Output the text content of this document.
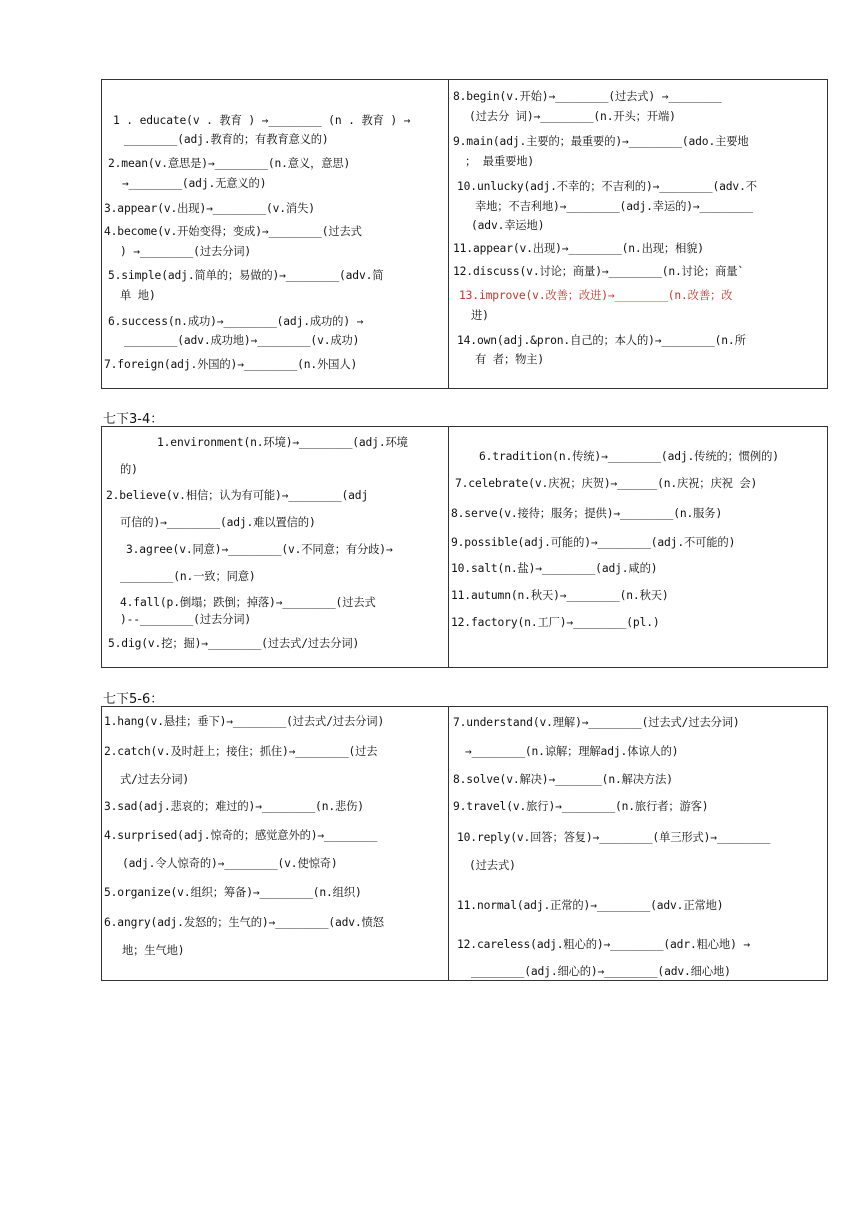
1 . educate(v . 教育 ) →________ (n . 教育 ) →
________(adj.教育的；有教育意义的)
2.mean(v.意思是)→________(n.意义，意思)
→________(adj.无意义的)
3.appear(v.出现)→________(v.消失)
4.become(v.开始变得；变成)→________(过去式
) →________(过去分词)
5.simple(adj.简单的；易做的)→________(adv.简
单 地)
6.success(n.成功)→________(adj.成功的) →
________(adv.成功地)→________(v.成功)
7.foreign(adj.外国的)→________(n.外国人)
8.begin(v.开始)→________(过去式) →________
(过去分 词)→________(n.开头；开端)
9.main(adj.主要的；最重要的)→________(ado.主要地
； 最重要地)
10.unlucky(adj.不幸的；不吉利的)→________(adv.不
幸地；不吉利地)→________(adj.幸运的)→________
(adv.幸运地)
11.appear(v.出现)→________(n.出现；相貌)
12.discuss(v.讨论；商量)→________(n.讨论；商量`
13.improve(v.改善；改进)→________(n.改善；改
进)
14.own(adj.&pron.自己的；本人的)→________(n.所
有 者；物主)
七下3-4：
1.environment(n.环境)→________(adj.环境
的)
2.believe(v.相信；认为有可能)→________(adj
可信的)→________(adj.难以置信的)
3.agree(v.同意)→________(v.不同意；有分歧)→
________(n.一致；同意)
4.fall(p.倒塌；跌倒；掉落)→________(过去式
)--________(过去分词)
5.dig(v.挖；掘)→________(过去式/过去分词)
6.tradition(n.传统)→________(adj.传统的；惯例的)
7.celebrate(v.庆祝；庆贺)→______(n.庆祝；庆祝 会)
8.serve(v.接待；服务；提供)→________(n.服务)
9.possible(adj.可能的)→________(adj.不可能的)
10.salt(n.盐)→________(adj.咸的)
11.autumn(n.秋天)→________(n.秋天)
12.factory(n.工厂)→________(pl.)
七下5-6：
1.hang(v.悬挂；垂下)→________(过去式/过去分词)
2.catch(v.及时赶上；接住；抓住)→________(过去
式/过去分词)
3.sad(adj.悲哀的；难过的)→________(n.悲伤)
4.surprised(adj.惊奇的；感觉意外的)→________
(adj.令人惊奇的)→________(v.使惊奇)
5.organize(v.组织；筹备)→________(n.组织)
6.angry(adj.发怒的；生气的)→________(adv.愤怒
地；生气地)
7.understand(v.理解)→________(过去式/过去分词)
→________(n.谅解；理解adj.体谅人的)
8.solve(v.解决)→_______(n.解决方法)
9.travel(v.旅行)→________(n.旅行者；游客)
10.reply(v.回答；答复)→________(单三形式)→________
(过去式)
11.normal(adj.正常的)→________(adv.正常地)
12.careless(adj.粗心的)→________(adr.粗心地) →
________(adj.细心的)→________(adv.细心地)
